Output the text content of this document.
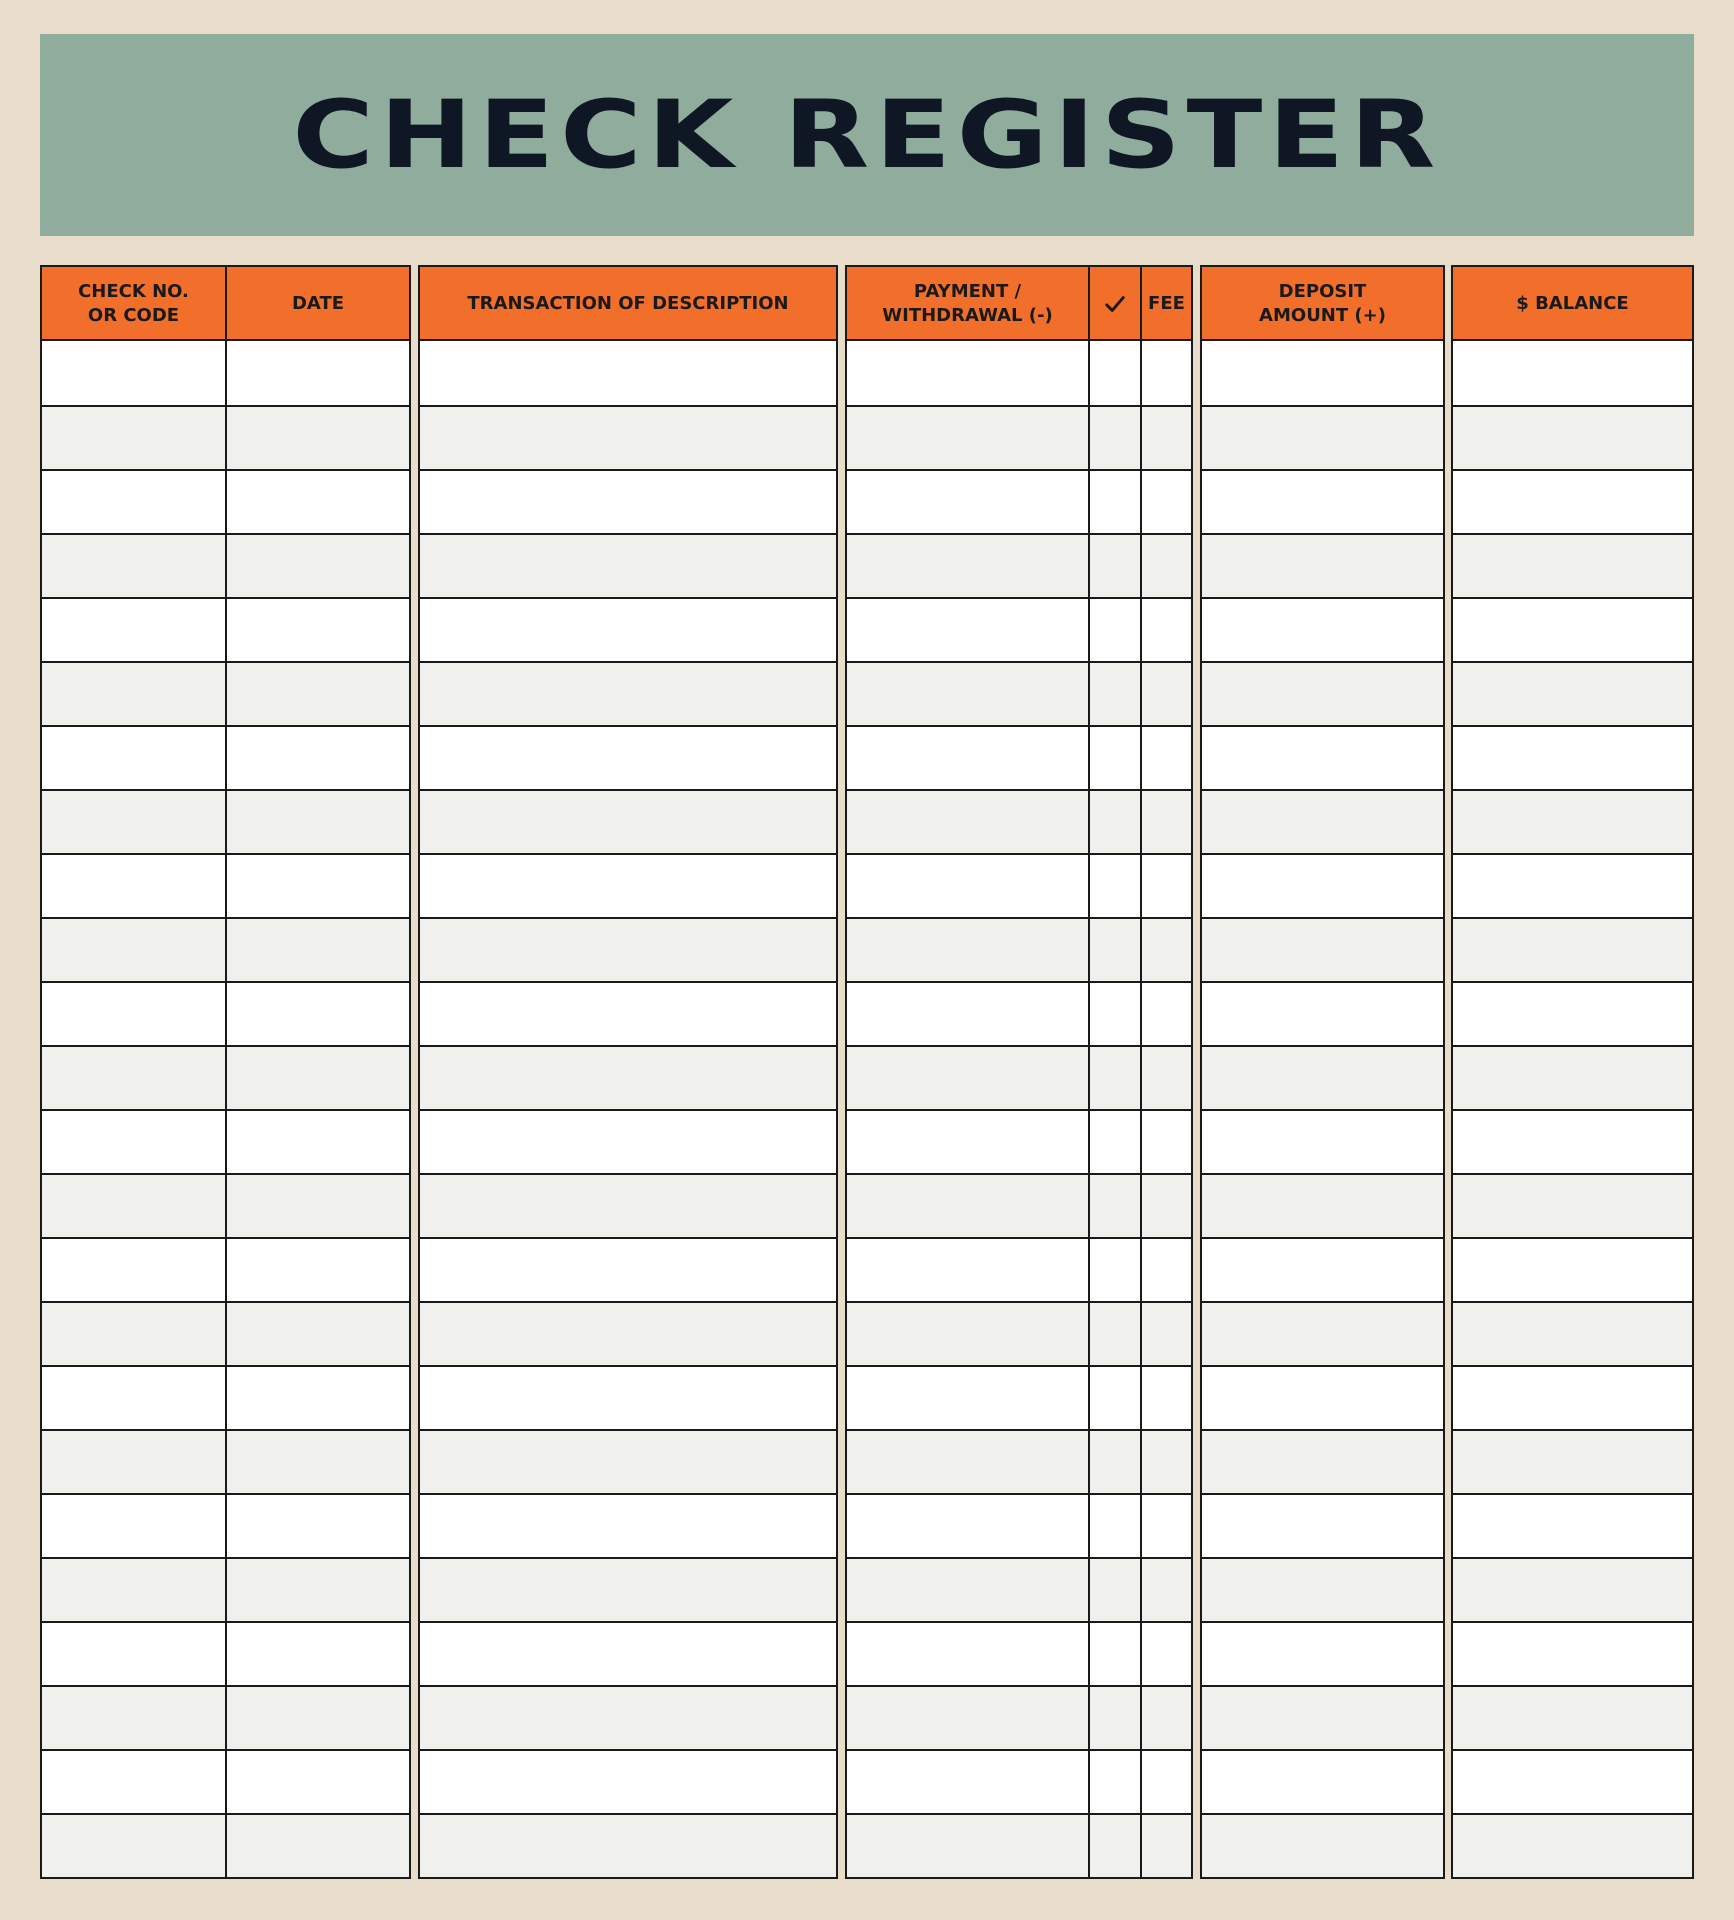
CHECK REGISTER
CHECK NO.
OR CODE
DATE	TRANSACTION OF DESCRIPTION
PAYMENT /
WITHDRAWAL (-)
FEE
DEPOSIT
AMOUNT (+)
$ BALANCE
